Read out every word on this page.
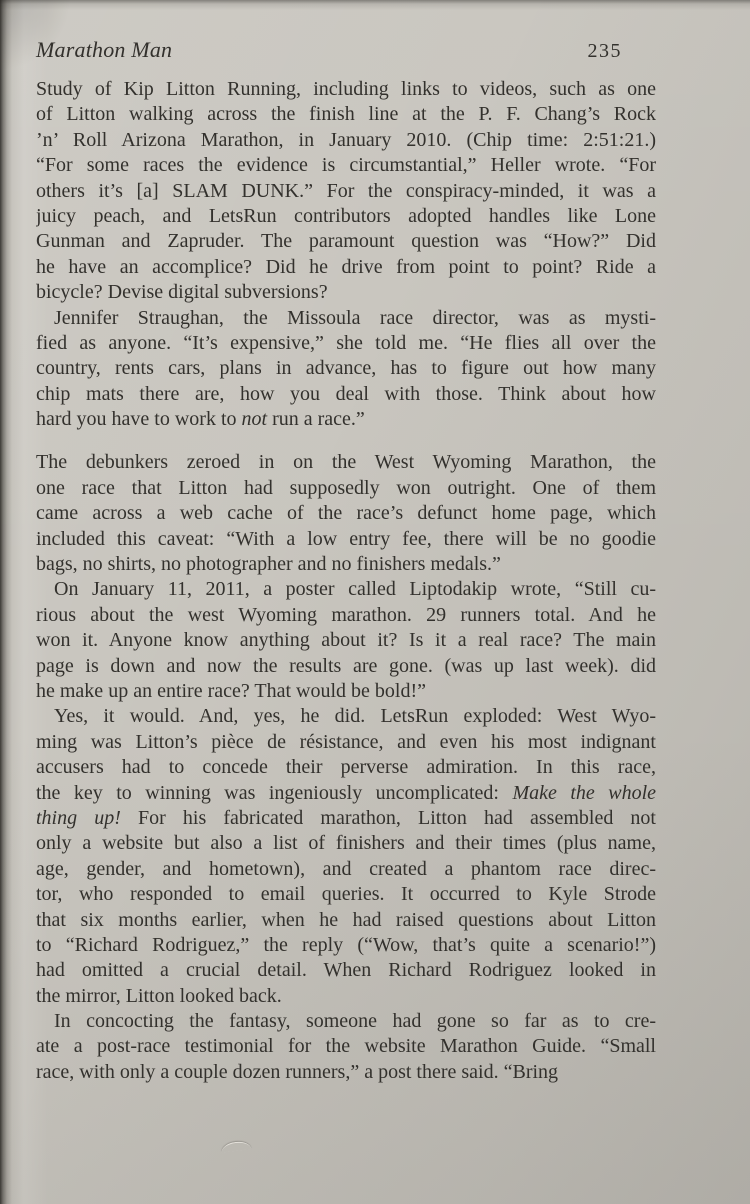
Marathon Man	235
Study of Kip Litton Running, including links to videos, such as one
of Litton walking across the finish line at the P. F. Chang’s Rock
’n’ Roll Arizona Marathon, in January 2010. (Chip time: 2:51:21.)
“For some races the evidence is circumstantial,” Heller wrote. “For
others it’s [a] SLAM DUNK.” For the conspiracy-minded, it was a
juicy peach, and LetsRun contributors adopted handles like Lone
Gunman and Zapruder. The paramount question was “How?” Did
he have an accomplice? Did he drive from point to point? Ride a
bicycle? Devise digital subversions?
Jennifer Straughan, the Missoula race director, was as mysti-
fied as anyone. “It’s expensive,” she told me. “He flies all over the
country, rents cars, plans in advance, has to figure out how many
chip mats there are, how you deal with those. Think about how
hard you have to work to not run a race.”
The debunkers zeroed in on the West Wyoming Marathon, the
one race that Litton had supposedly won outright. One of them
came across a web cache of the race’s defunct home page, which
included this caveat: “With a low entry fee, there will be no goodie
bags, no shirts, no photographer and no finishers medals.”
On January 11, 2011, a poster called Liptodakip wrote, “Still cu-
rious about the west Wyoming marathon. 29 runners total. And he
won it. Anyone know anything about it? Is it a real race? The main
page is down and now the results are gone. (was up last week). did
he make up an entire race? That would be bold!”
Yes, it would. And, yes, he did. LetsRun exploded: West Wyo-
ming was Litton’s pièce de résistance, and even his most indignant
accusers had to concede their perverse admiration. In this race,
the key to winning was ingeniously uncomplicated: Make the whole
thing up! For his fabricated marathon, Litton had assembled not
only a website but also a list of finishers and their times (plus name,
age, gender, and hometown), and created a phantom race direc-
tor, who responded to email queries. It occurred to Kyle Strode
that six months earlier, when he had raised questions about Litton
to “Richard Rodriguez,” the reply (“Wow, that’s quite a scenario!”)
had omitted a crucial detail. When Richard Rodriguez looked in
the mirror, Litton looked back.
In concocting the fantasy, someone had gone so far as to cre-
ate a post-race testimonial for the website Marathon Guide. “Small
race, with only a couple dozen runners,” a post there said. “Bring
